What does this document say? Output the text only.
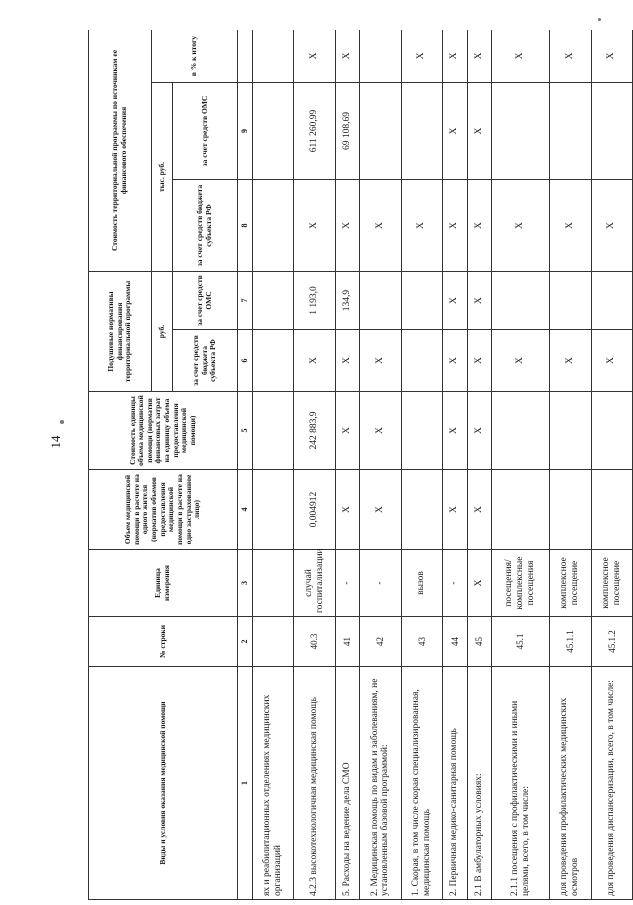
14
Виды и условия оказания медицинской помощи	№ строки	Единица измерения	Объем медицинской помощи в расчете на одного жителя (норматив объемов предоставления медицинской помощи в расчете на одно застрахованное лицо)	Стоимость единицы объема медицинской помощи (норматив финансовых затрат на единицу объема предоставления медицинской помощи)	Подушевые нормативы финансирования территориальной программы		Стоимость территориальной программы по источникам ее финансового обеспечения		
					руб.		тыс. руб.		в % к итогу
							за счет средств бюджета субъекта РФ	за счет средств ОМС	
					за счет средств бюджета субъекта РФ	за счет средств ОМС			
1	2	3	4	5	6	7	8	9	
ях и реабилитационных отделениях медицинских организаций									
4.2.3 высокотехнологичная медицинская помощь	40.3	случай госпитализации	0,004912	242 883,9	X	1 193,0	X	611 260,99	X
5. Расходы на ведение дела СМО	41	-	X	X	X	134,9	X	69 108,69	X
2. Медицинская помощь по видам и заболеваниям, не установленным базовой программой:	42	-	X	X	X		X		
1. Скорая, в том числе скорая специализированная, медицинская помощь	43	вызов					X		X
2. Первичная медико-санитарная помощь	44	-	X	X	X	X	X	X	X
2.1 В амбулаторных условиях:	45	X	X	X	X	X	X	X	X
2.1.1 посещения с профилактическими и иными целями, всего, в том числе:	45.1	посещения/комплексные посещения			X		X		X
для проведения профилактических медицинских осмотров	45.1.1	комплексное посещение			X		X		X
для проведения диспансеризации, всего, в том числе:	45.1.2	комплексное посещение			X		X		X
